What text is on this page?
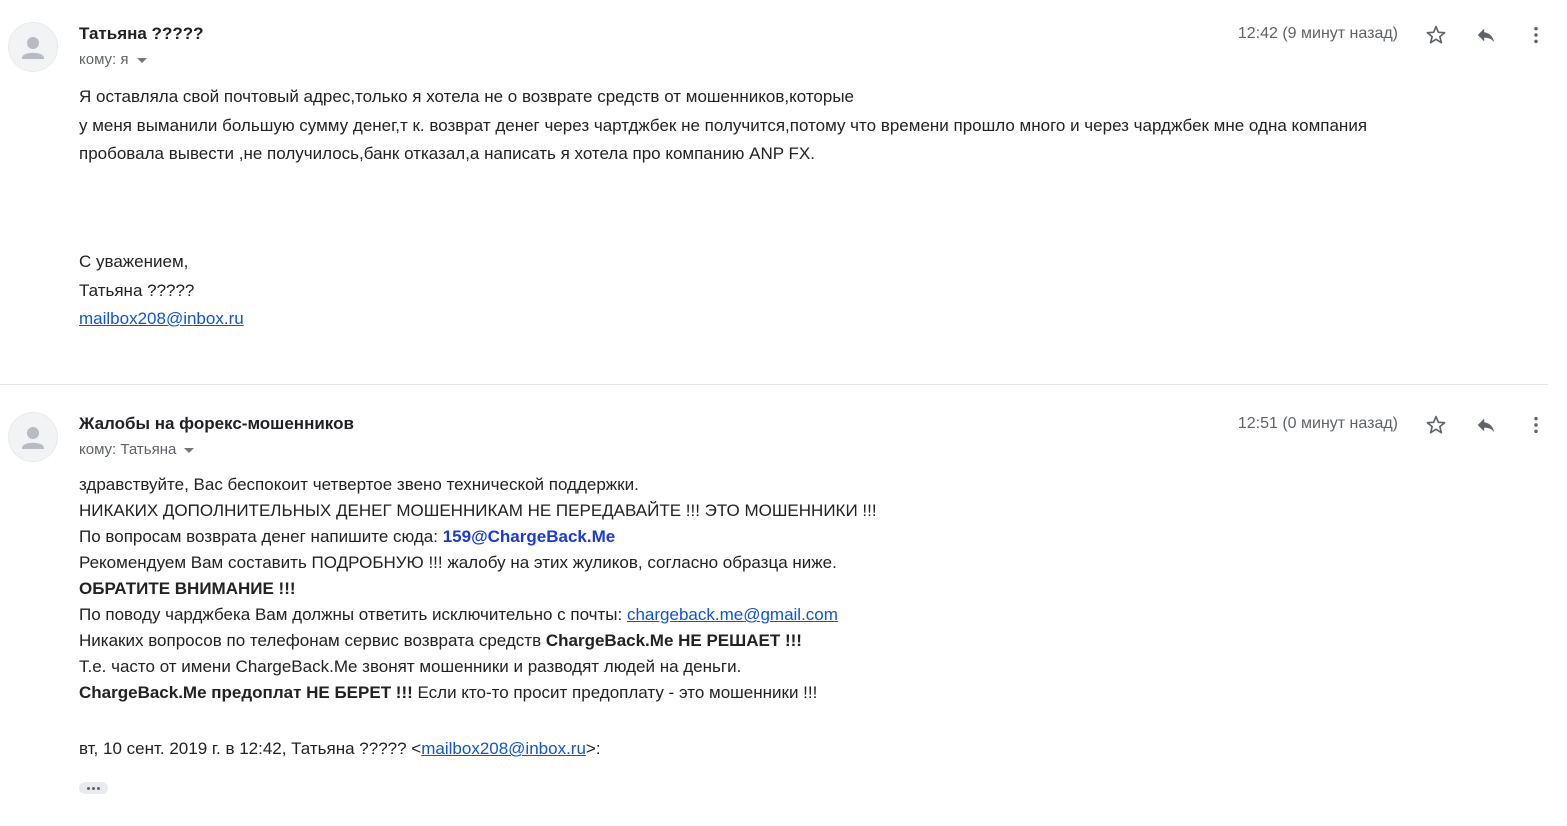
Татьяна ?????
кому: я
12:42 (9 минут назад)

Я оставляла свой почтовый адрес,только я хотела не о возврате средств от мошенников,которые

у меня выманили большую сумму денег,т к. возврат денег через чартджбек не получится,потому что времени прошло много и через чарджбек мне одна компания

пробовала вывести ,не получилось,банк отказал,а написать я хотела про компанию ANP FX.

С уважением,
Татьяна ?????
mailbox208@inbox.ru
Жалобы на форекс-мошенников
кому: Татьяна
12:51 (0 минут назад)
здравствуйте, Вас беспокоит четвертое звено технической поддержки.
НИКАКИХ ДОПОЛНИТЕЛЬНЫХ ДЕНЕГ МОШЕННИКАМ НЕ ПЕРЕДАВАЙТЕ !!! ЭТО МОШЕННИКИ !!!
По вопросам возврата денег напишите сюда: 159@ChargeBack.Me
Рекомендуем Вам составить ПОДРОБНУЮ !!! жалобу на этих жуликов, согласно образца ниже.
ОБРАТИТЕ ВНИМАНИЕ !!!
По поводу чарджбека Вам должны ответить исключительно с почты: chargeback.me@gmail.com
Никаких вопросов по телефонам сервис возврата средств ChargeBack.Me НЕ РЕШАЕТ !!!
Т.е. часто от имени ChargeBack.Me звонят мошенники и разводят людей на деньги.
ChargeBack.Me предоплат НЕ БЕРЕТ !!! Если кто-то просит предоплату - это мошенники !!!
вт, 10 сент. 2019 г. в 12:42, Татьяна ????? <mailbox208@inbox.ru>:
